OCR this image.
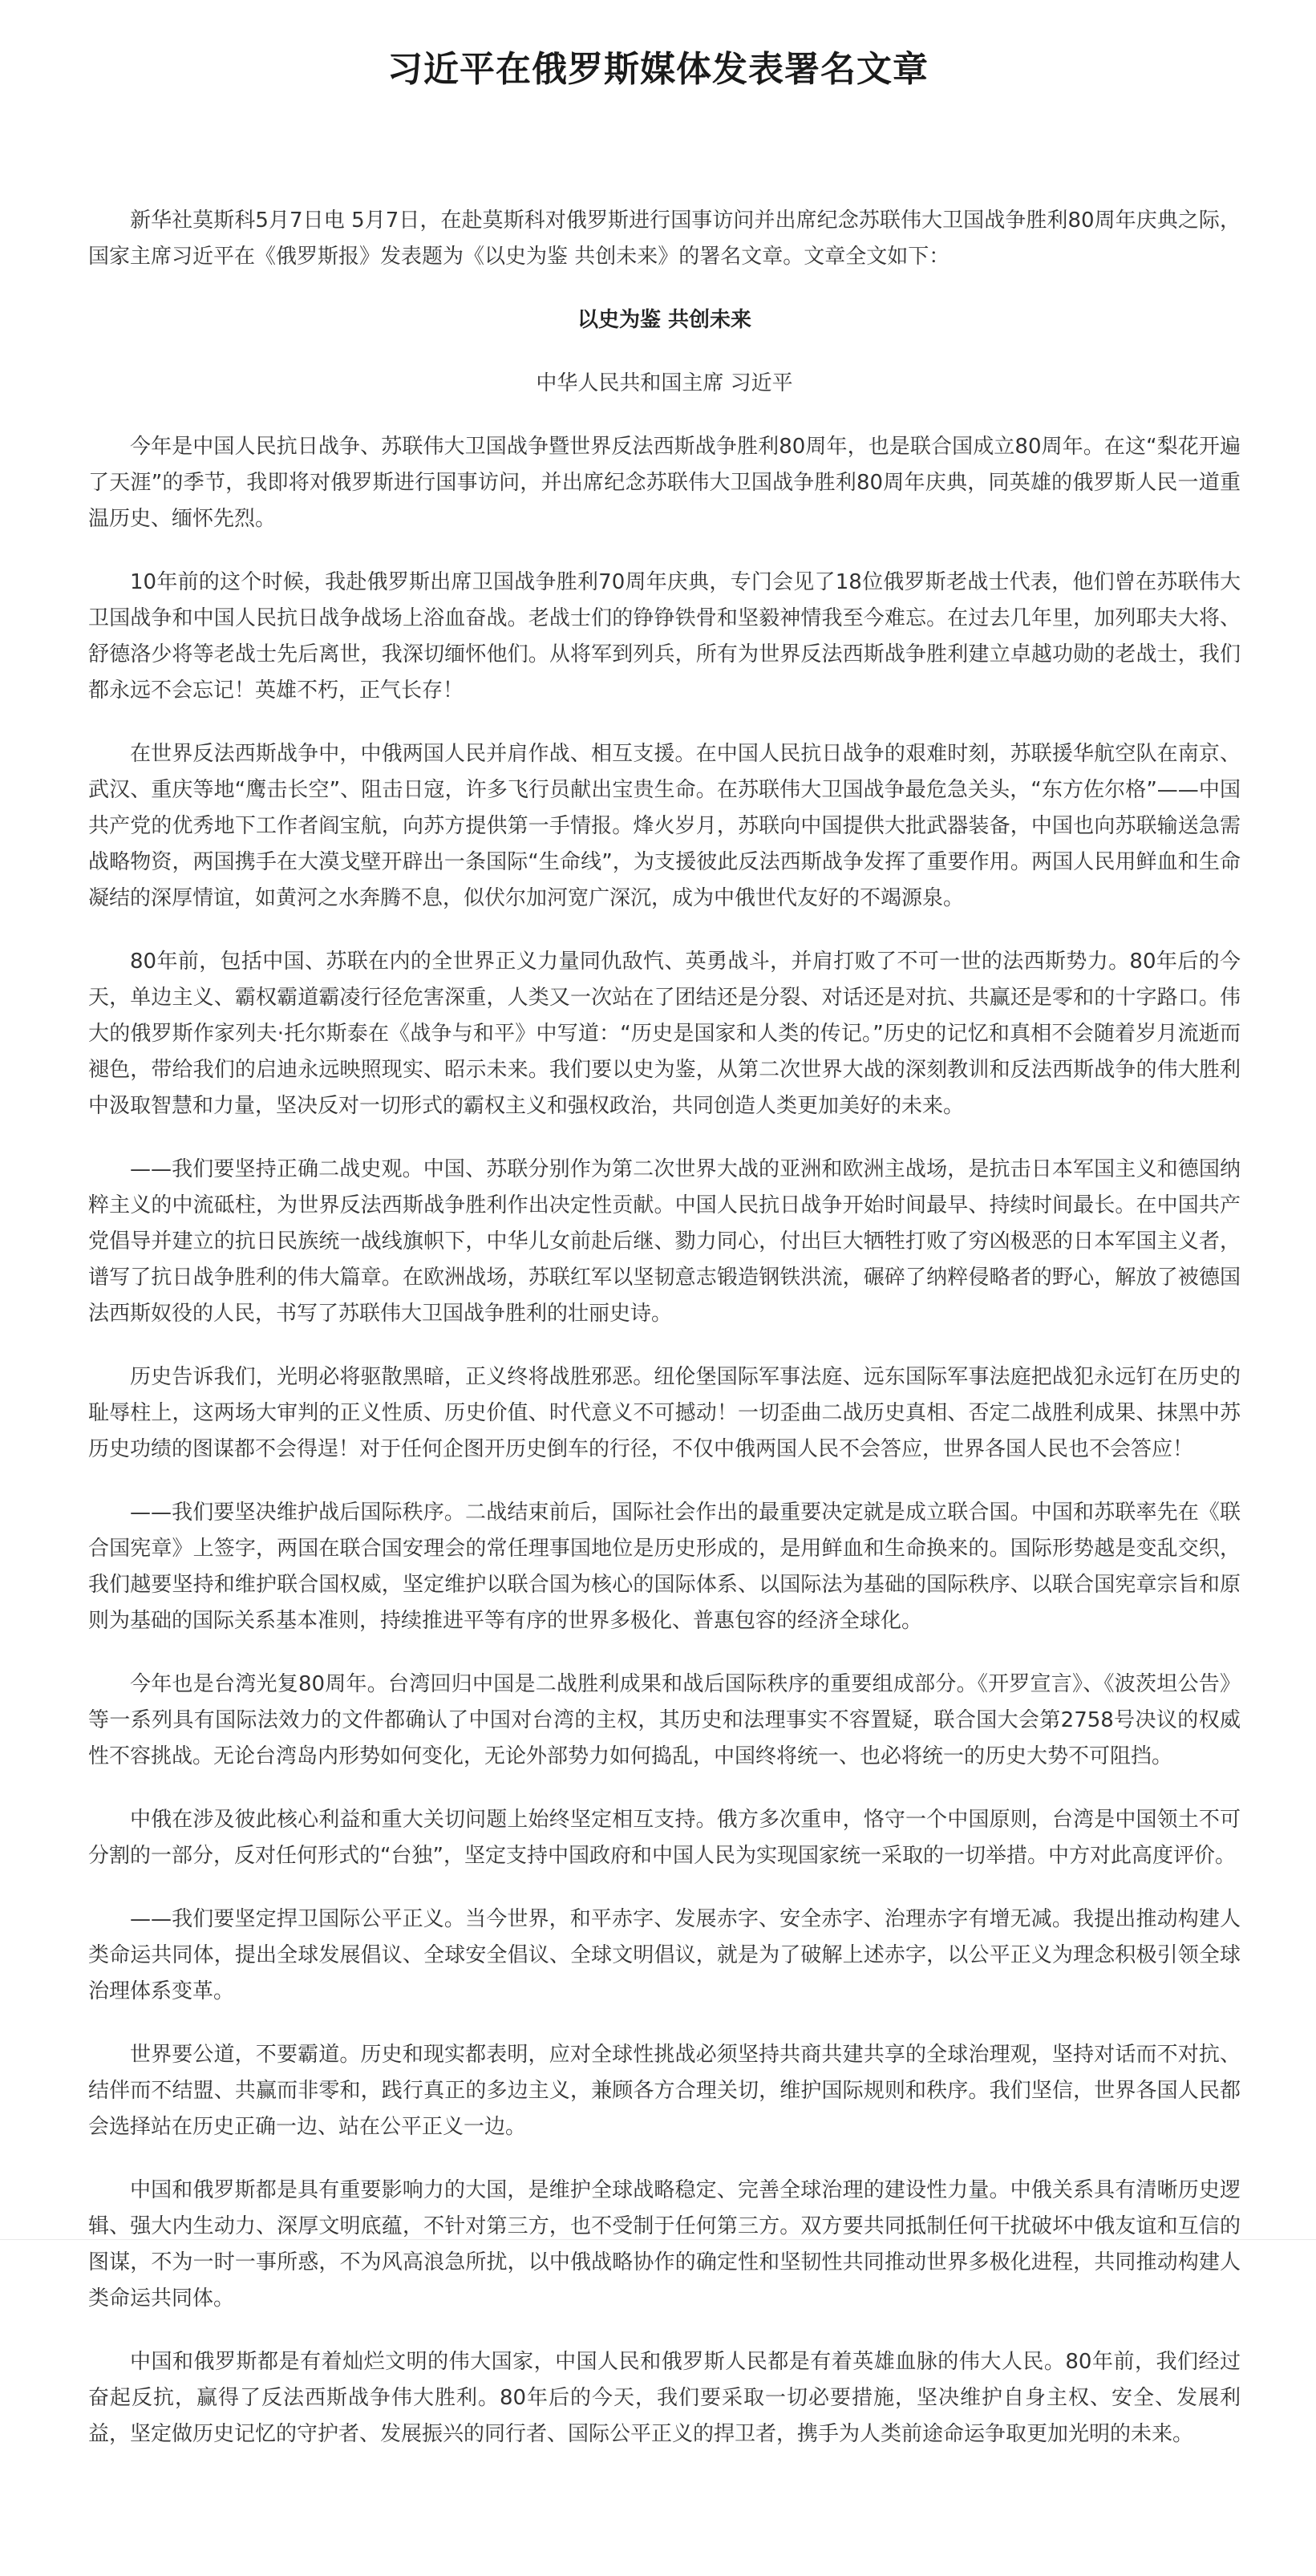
习近平在俄罗斯媒体发表署名文章

新华社莫斯科5月7日电 5月7日，在赴莫斯科对俄罗斯进行国事访问并出席纪念苏联伟大卫国战争胜利80周年庆典之际，国家主席习近平在《俄罗斯报》发表题为《以史为鉴 共创未来》的署名文章。文章全文如下：

以史为鉴 共创未来

中华人民共和国主席 习近平

今年是中国人民抗日战争、苏联伟大卫国战争暨世界反法西斯战争胜利80周年，也是联合国成立80周年。在这“梨花开遍了天涯”的季节，我即将对俄罗斯进行国事访问，并出席纪念苏联伟大卫国战争胜利80周年庆典，同英雄的俄罗斯人民一道重温历史、缅怀先烈。

10年前的这个时候，我赴俄罗斯出席卫国战争胜利70周年庆典，专门会见了18位俄罗斯老战士代表，他们曾在苏联伟大卫国战争和中国人民抗日战争战场上浴血奋战。老战士们的铮铮铁骨和坚毅神情我至今难忘。在过去几年里，加列耶夫大将、舒德洛少将等老战士先后离世，我深切缅怀他们。从将军到列兵，所有为世界反法西斯战争胜利建立卓越功勋的老战士，我们都永远不会忘记！英雄不朽，正气长存！

在世界反法西斯战争中，中俄两国人民并肩作战、相互支援。在中国人民抗日战争的艰难时刻，苏联援华航空队在南京、武汉、重庆等地“鹰击长空”、阻击日寇，许多飞行员献出宝贵生命。在苏联伟大卫国战争最危急关头，“东方佐尔格”——中国共产党的优秀地下工作者阎宝航，向苏方提供第一手情报。烽火岁月，苏联向中国提供大批武器装备，中国也向苏联输送急需战略物资，两国携手在大漠戈壁开辟出一条国际“生命线”，为支援彼此反法西斯战争发挥了重要作用。两国人民用鲜血和生命凝结的深厚情谊，如黄河之水奔腾不息，似伏尔加河宽广深沉，成为中俄世代友好的不竭源泉。

80年前，包括中国、苏联在内的全世界正义力量同仇敌忾、英勇战斗，并肩打败了不可一世的法西斯势力。80年后的今天，单边主义、霸权霸道霸凌行径危害深重，人类又一次站在了团结还是分裂、对话还是对抗、共赢还是零和的十字路口。伟大的俄罗斯作家列夫·托尔斯泰在《战争与和平》中写道：“历史是国家和人类的传记。”历史的记忆和真相不会随着岁月流逝而褪色，带给我们的启迪永远映照现实、昭示未来。我们要以史为鉴，从第二次世界大战的深刻教训和反法西斯战争的伟大胜利中汲取智慧和力量，坚决反对一切形式的霸权主义和强权政治，共同创造人类更加美好的未来。

——我们要坚持正确二战史观。中国、苏联分别作为第二次世界大战的亚洲和欧洲主战场，是抗击日本军国主义和德国纳粹主义的中流砥柱，为世界反法西斯战争胜利作出决定性贡献。中国人民抗日战争开始时间最早、持续时间最长。在中国共产党倡导并建立的抗日民族统一战线旗帜下，中华儿女前赴后继、勠力同心，付出巨大牺牲打败了穷凶极恶的日本军国主义者，谱写了抗日战争胜利的伟大篇章。在欧洲战场，苏联红军以坚韧意志锻造钢铁洪流，碾碎了纳粹侵略者的野心，解放了被德国法西斯奴役的人民，书写了苏联伟大卫国战争胜利的壮丽史诗。

历史告诉我们，光明必将驱散黑暗，正义终将战胜邪恶。纽伦堡国际军事法庭、远东国际军事法庭把战犯永远钉在历史的耻辱柱上，这两场大审判的正义性质、历史价值、时代意义不可撼动！一切歪曲二战历史真相、否定二战胜利成果、抹黑中苏历史功绩的图谋都不会得逞！对于任何企图开历史倒车的行径，不仅中俄两国人民不会答应，世界各国人民也不会答应！

——我们要坚决维护战后国际秩序。二战结束前后，国际社会作出的最重要决定就是成立联合国。中国和苏联率先在《联合国宪章》上签字，两国在联合国安理会的常任理事国地位是历史形成的，是用鲜血和生命换来的。国际形势越是变乱交织，我们越要坚持和维护联合国权威，坚定维护以联合国为核心的国际体系、以国际法为基础的国际秩序、以联合国宪章宗旨和原则为基础的国际关系基本准则，持续推进平等有序的世界多极化、普惠包容的经济全球化。

今年也是台湾光复80周年。台湾回归中国是二战胜利成果和战后国际秩序的重要组成部分。《开罗宣言》、《波茨坦公告》等一系列具有国际法效力的文件都确认了中国对台湾的主权，其历史和法理事实不容置疑，联合国大会第2758号决议的权威性不容挑战。无论台湾岛内形势如何变化，无论外部势力如何捣乱，中国终将统一、也必将统一的历史大势不可阻挡。

中俄在涉及彼此核心利益和重大关切问题上始终坚定相互支持。俄方多次重申，恪守一个中国原则，台湾是中国领土不可分割的一部分，反对任何形式的“台独”，坚定支持中国政府和中国人民为实现国家统一采取的一切举措。中方对此高度评价。

——我们要坚定捍卫国际公平正义。当今世界，和平赤字、发展赤字、安全赤字、治理赤字有增无减。我提出推动构建人类命运共同体，提出全球发展倡议、全球安全倡议、全球文明倡议，就是为了破解上述赤字，以公平正义为理念积极引领全球治理体系变革。

世界要公道，不要霸道。历史和现实都表明，应对全球性挑战必须坚持共商共建共享的全球治理观，坚持对话而不对抗、结伴而不结盟、共赢而非零和，践行真正的多边主义，兼顾各方合理关切，维护国际规则和秩序。我们坚信，世界各国人民都会选择站在历史正确一边、站在公平正义一边。

中国和俄罗斯都是具有重要影响力的大国，是维护全球战略稳定、完善全球治理的建设性力量。中俄关系具有清晰历史逻辑、强大内生动力、深厚文明底蕴，不针对第三方，也不受制于任何第三方。双方要共同抵制任何干扰破坏中俄友谊和互信的图谋，不为一时一事所惑，不为风高浪急所扰，以中俄战略协作的确定性和坚韧性共同推动世界多极化进程，共同推动构建人类命运共同体。

中国和俄罗斯都是有着灿烂文明的伟大国家，中国人民和俄罗斯人民都是有着英雄血脉的伟大人民。80年前，我们经过奋起反抗，赢得了反法西斯战争伟大胜利。80年后的今天，我们要采取一切必要措施，坚决维护自身主权、安全、发展利益，坚定做历史记忆的守护者、发展振兴的同行者、国际公平正义的捍卫者，携手为人类前途命运争取更加光明的未来。
